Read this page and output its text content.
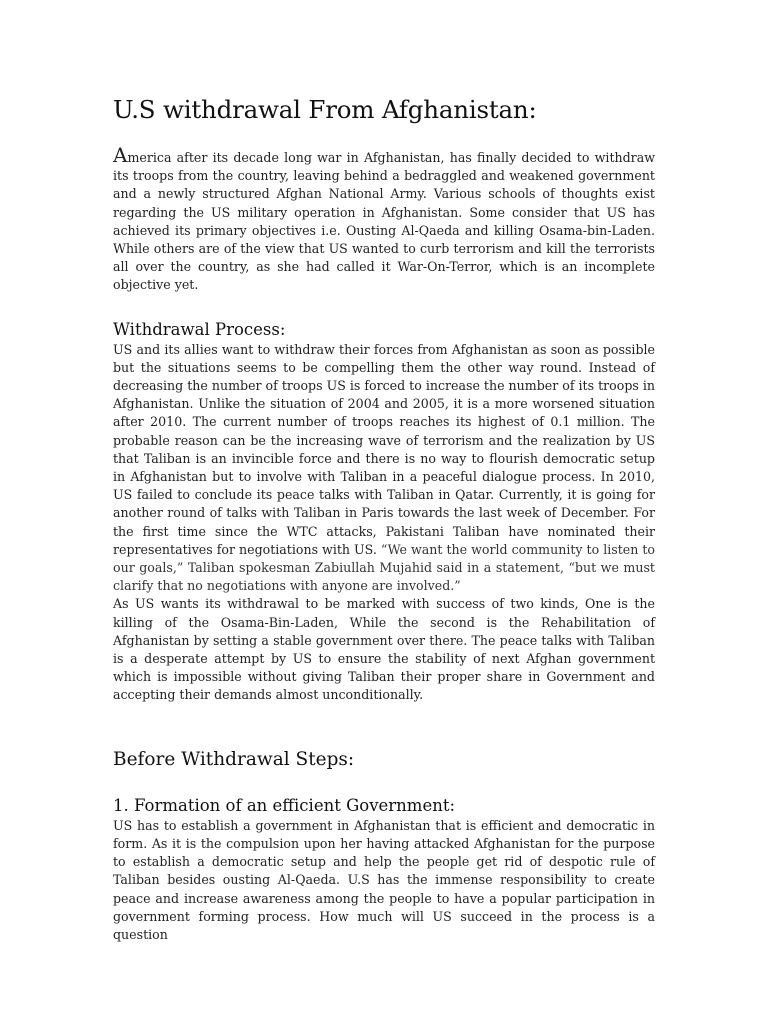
U.S withdrawal From Afghanistan:

America after its decade long war in Afghanistan, has finally decided to withdraw its troops from the country, leaving behind a bedraggled and weakened government and a newly structured Afghan National Army. Various schools of thoughts exist regarding the US military operation in Afghanistan. Some consider that US has achieved its primary objectives i.e. Ousting Al-Qaeda and killing Osama-bin-Laden. While others are of the view that US wanted to curb terrorism and kill the terrorists all over the country, as she had called it War-On-Terror, which is an incomplete objective yet.

Withdrawal Process:

US and its allies want to withdraw their forces from Afghanistan as soon as possible but the situations seems to be compelling them the other way round. Instead of decreasing the number of troops US is forced to increase the number of its troops in Afghanistan. Unlike the situation of 2004 and 2005, it is a more worsened situation after 2010. The current number of troops reaches its highest of 0.1 million. The probable reason can be the increasing wave of terrorism and the realization by US that Taliban is an invincible force and there is no way to flourish democratic setup in Afghanistan but to involve with Taliban in a peaceful dialogue process. In 2010, US failed to conclude its peace talks with Taliban in Qatar. Currently, it is going for another round of talks with Taliban in Paris towards the last week of December. For the first time since the WTC attacks, Pakistani Taliban have nominated their representatives for negotiations with US. “We want the world community to listen to our goals,” Taliban spokesman Zabiullah Mujahid said in a statement, “but we must clarify that no negotiations with anyone are involved.”

As US wants its withdrawal to be marked with success of two kinds, One is the killing of the Osama-Bin-Laden, While the second is the Rehabilitation of Afghanistan by setting a stable government over there. The peace talks with Taliban is a desperate attempt by US to ensure the stability of next Afghan government which is impossible without giving Taliban their proper share in Government and accepting their demands almost unconditionally.

Before Withdrawal Steps:
1. Formation of an efficient Government:

US has to establish a government in Afghanistan that is efficient and democratic in form. As it is the compulsion upon her having attacked Afghanistan for the purpose to establish a democratic setup and help the people get rid of despotic rule of Taliban besides ousting Al-Qaeda. U.S has the immense responsibility to create peace and increase awareness among the people to have a popular participation in government forming process. How much will US succeed in the process is a question
